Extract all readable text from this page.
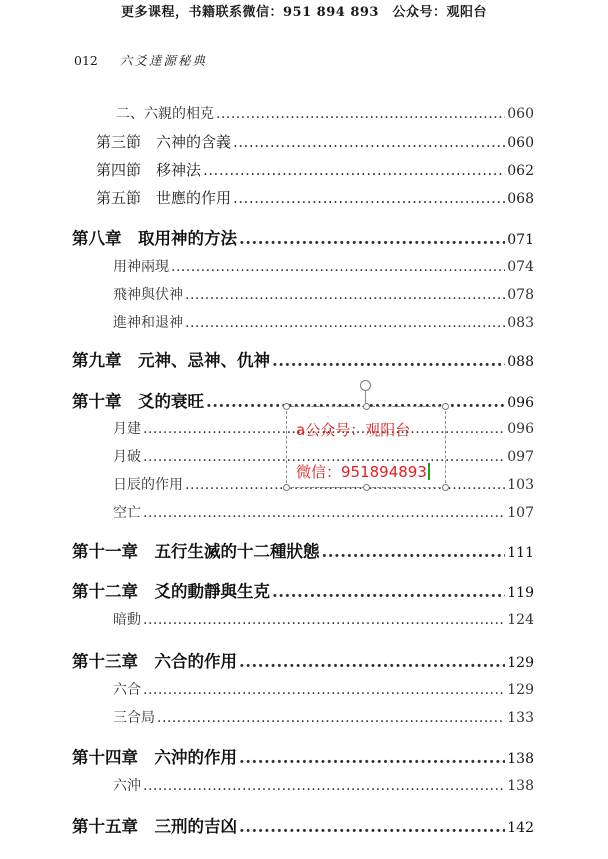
更多课程，书籍联系微信：951 894 893　公众号：观阳台
012 六爻達源秘典
二、六親的相克 .....	060
第三節　六神的含義 .....	060
第四節　移神法 .....	062
第五節　世應的作用 .....	068
第八章　取用神的方法 .....	071
用神兩現 .....	074
飛神與伏神 .....	078
進神和退神 .....	083
第九章　元神、忌神、仇神 .....	088
第十章　爻的衰旺 .....	096
月建 .....	096
月破 .....	097
日辰的作用 .....	103
空亡 .....	107
第十一章　五行生滅的十二種狀態 .....	111
第十二章　爻的動靜與生克 .....	119
暗動 .....	124
第十三章　六合的作用 .....	129
六合 .....	129
三合局 .....	133
第十四章　六沖的作用 .....	138
六沖 .....	138
第十五章　三刑的吉凶 .....	142
a公众号：观阳台
微信：951894893
